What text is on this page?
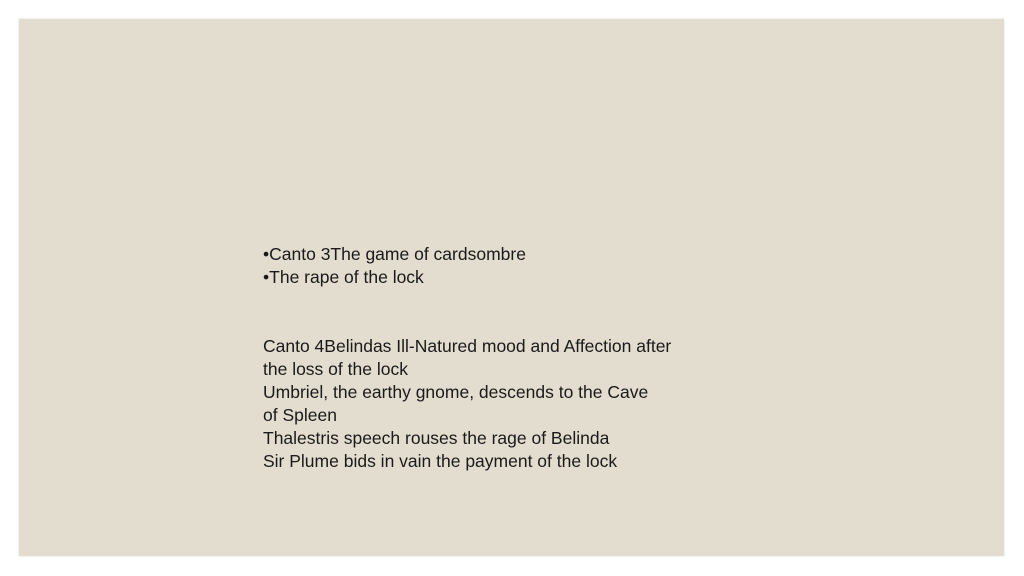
•Canto 3The game of cardsombre
•The rape of the lock
Canto 4Belindas Ill-Natured mood and Affection after
the loss of the lock
Umbriel, the earthy gnome, descends to the Cave
of Spleen
Thalestris speech rouses the rage of Belinda
Sir Plume bids in vain the payment of the lock
